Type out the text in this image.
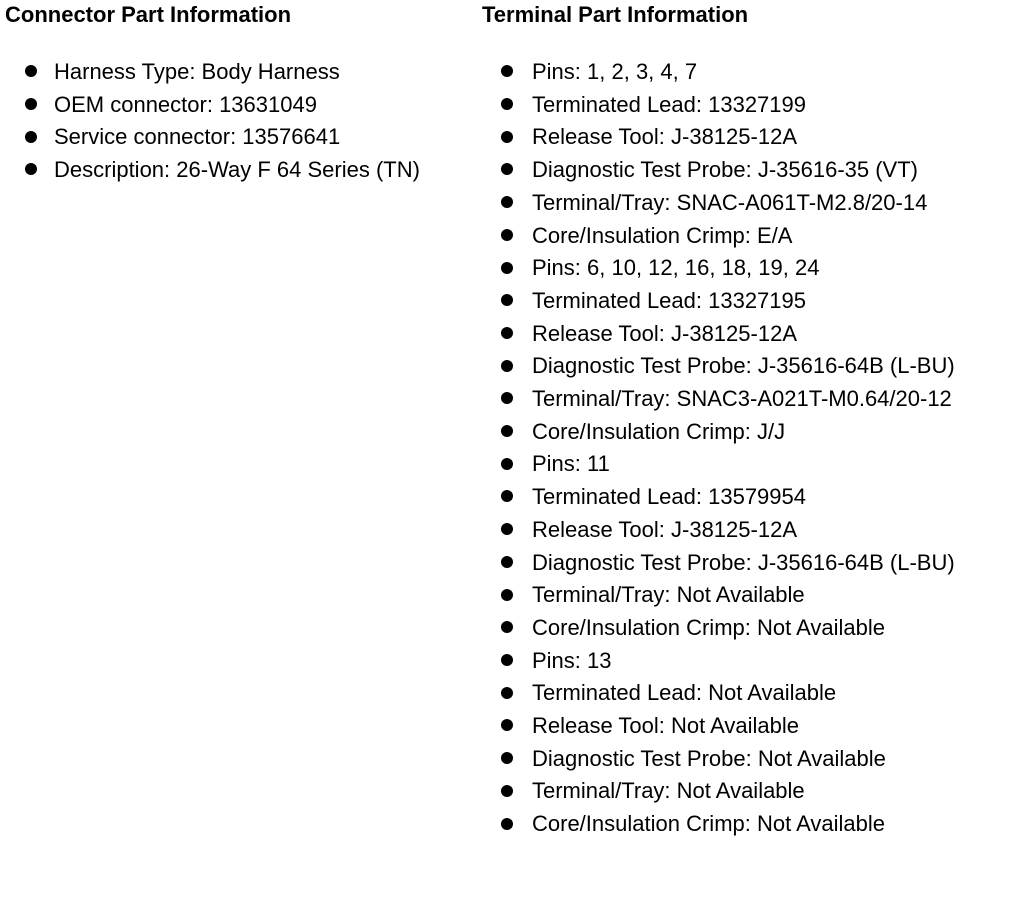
Connector Part Information
Harness Type: Body Harness
OEM connector: 13631049
Service connector: 13576641
Description: 26-Way F 64 Series (TN)
Terminal Part Information
Pins: 1, 2, 3, 4, 7
Terminated Lead: 13327199
Release Tool: J-38125-12A
Diagnostic Test Probe: J-35616-35 (VT)
Terminal/Tray: SNAC-A061T-M2.8/20-14
Core/Insulation Crimp: E/A
Pins: 6, 10, 12, 16, 18, 19, 24
Terminated Lead: 13327195
Release Tool: J-38125-12A
Diagnostic Test Probe: J-35616-64B (L-BU)
Terminal/Tray: SNAC3-A021T-M0.64/20-12
Core/Insulation Crimp: J/J
Pins: 11
Terminated Lead: 13579954
Release Tool: J-38125-12A
Diagnostic Test Probe: J-35616-64B (L-BU)
Terminal/Tray: Not Available
Core/Insulation Crimp: Not Available
Pins: 13
Terminated Lead: Not Available
Release Tool: Not Available
Diagnostic Test Probe: Not Available
Terminal/Tray: Not Available
Core/Insulation Crimp: Not Available
